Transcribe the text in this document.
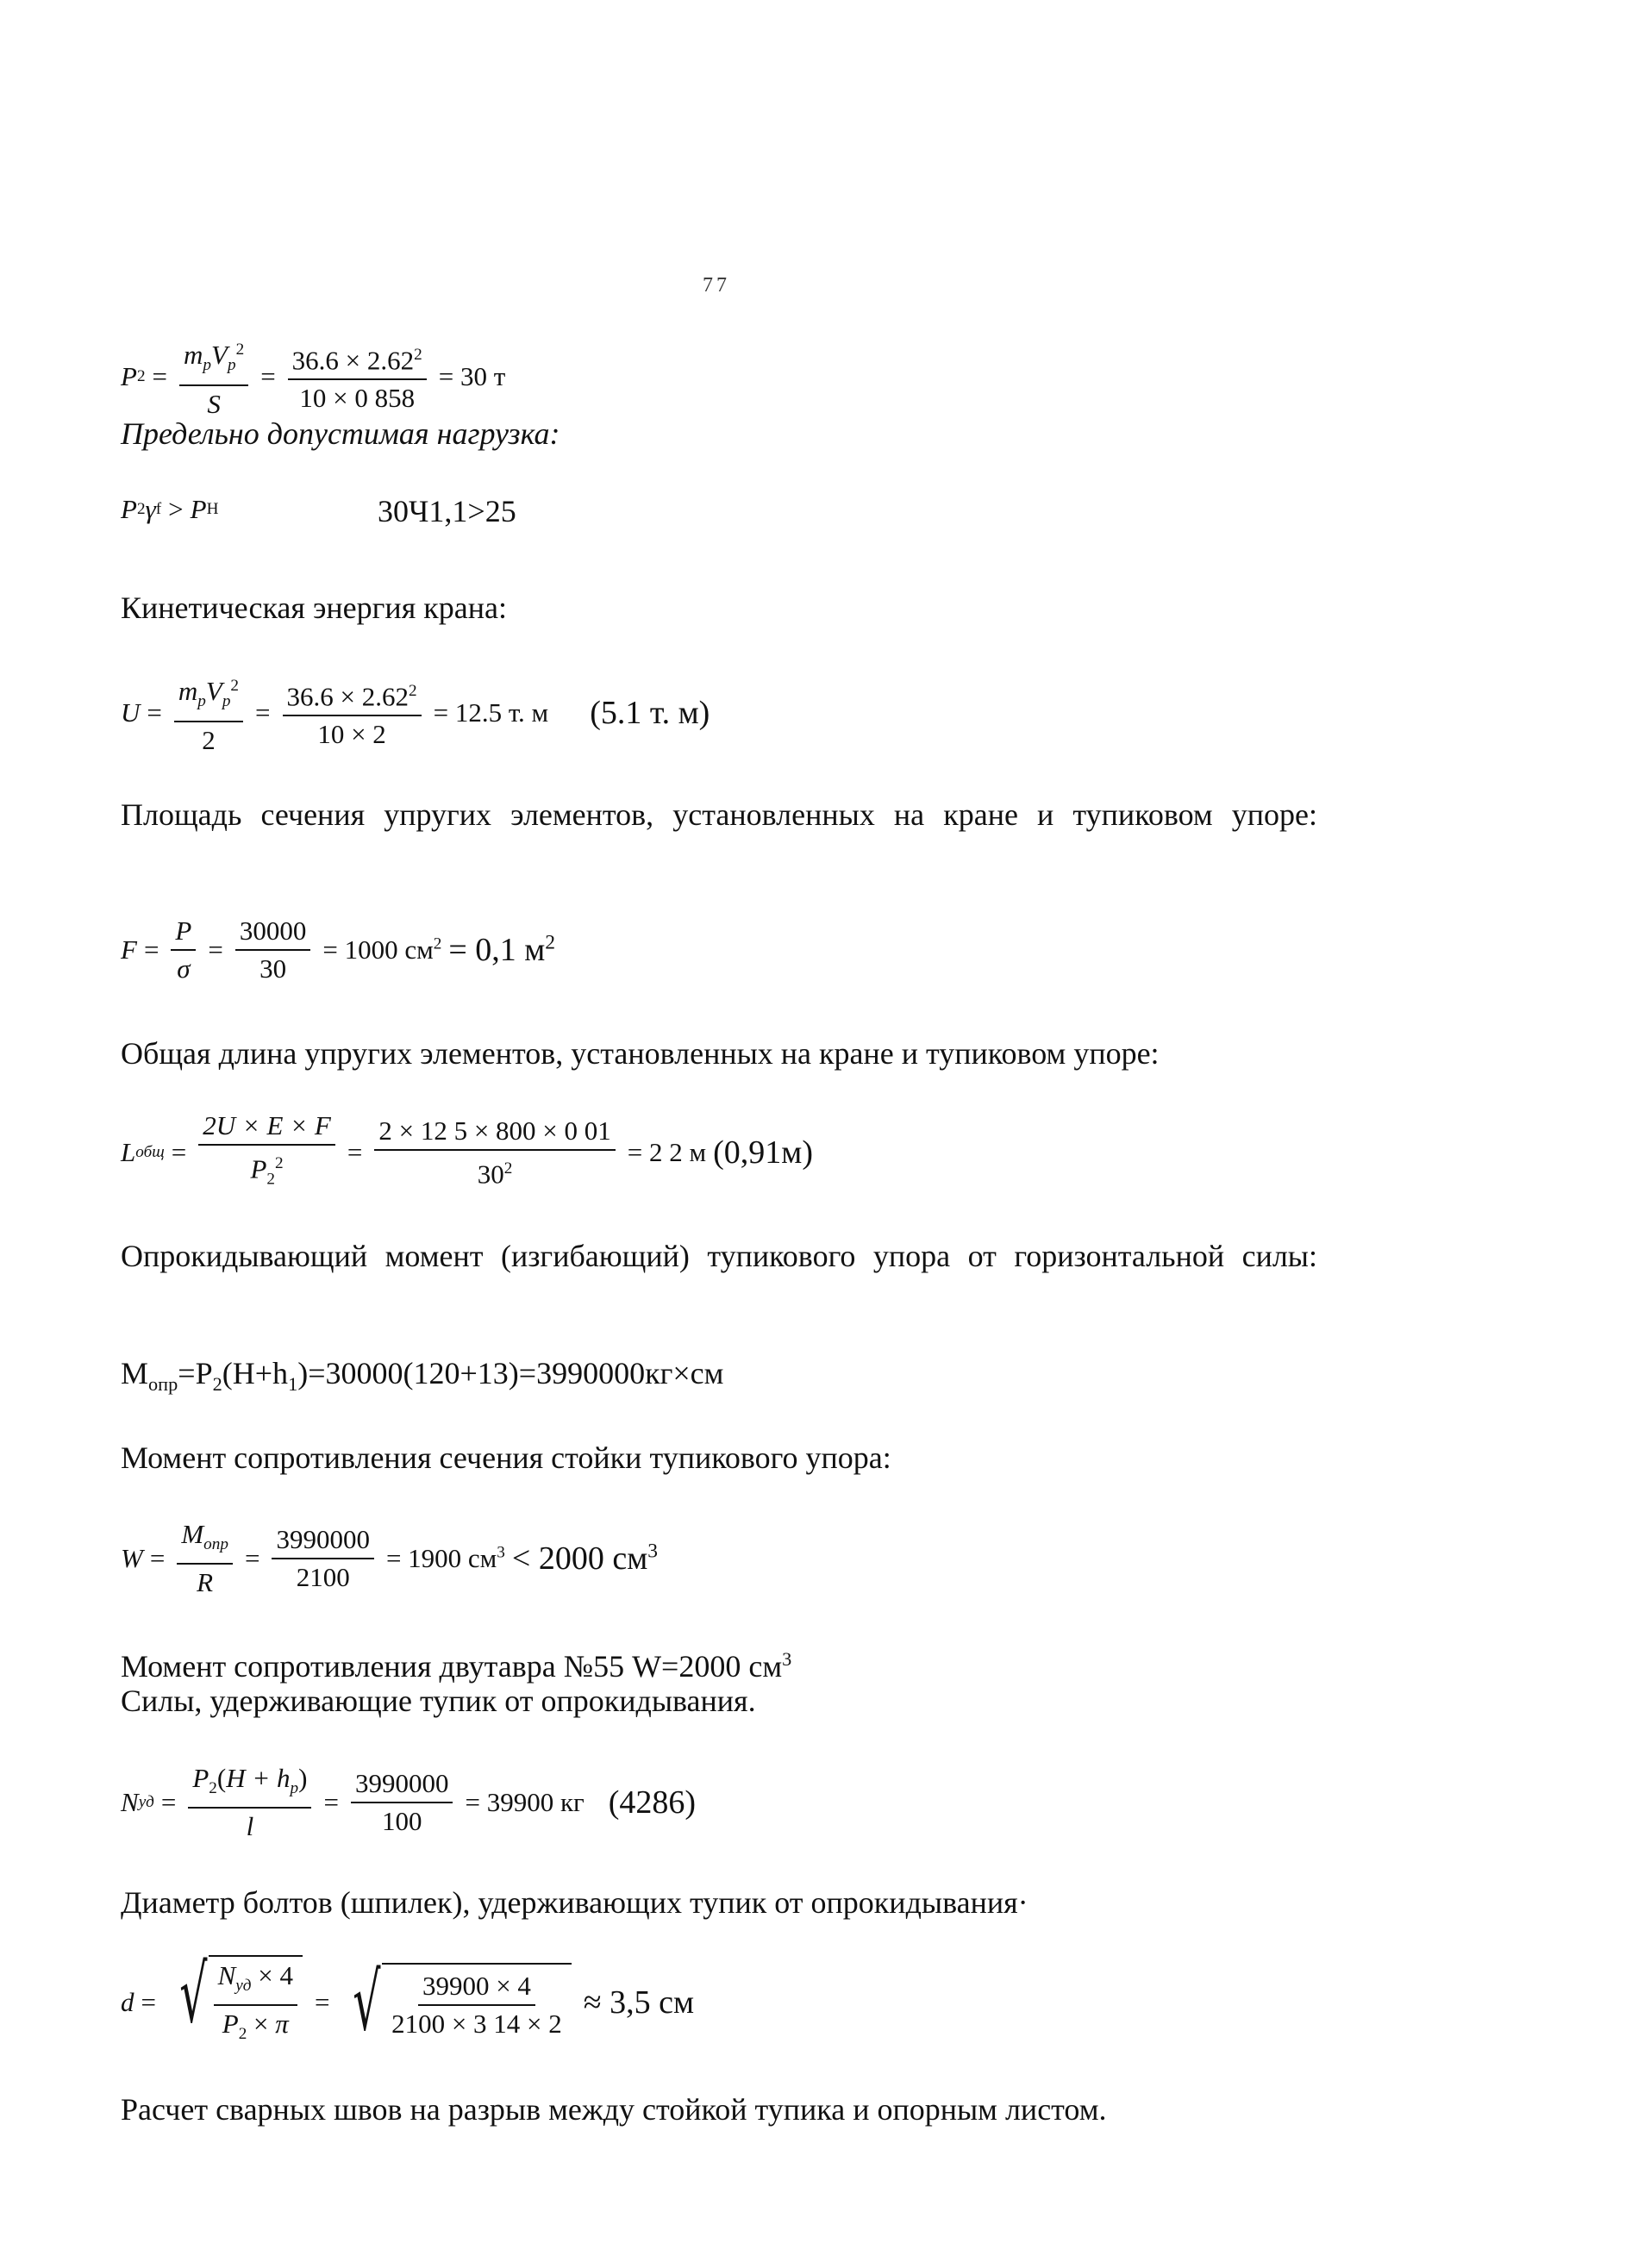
77
P $2 = \frac{m_pV_p^2}{S} = \frac{36.6 \times 2.62^2}{10 \times 0 858} = 30$ т
Предельно допустимая нагрузка:
P 2 γ f > P H	30Ч1,1>25
Кинетическая энергия крана:
$U = \frac{m_pV_p^2}{2} = \frac{36.6 \times 2.62^2}{10 \times 2} = 12.5$ т. м (5.1 т. м)
Площадь сечения упругих элементов, установленных на кране и тупиковом упоре:
$F = \frac{P}{\sigma} = \frac{30000}{30} = 1000$ $см^2 = 0,1$ $м^2$
Общая длина упругих элементов, установленных на кране и тупиковом упоре:
L общ = $\frac{2U \times E \times F}{P_2^2} = \frac{2 \times 12 5 \times 800 \times 0 01}{30^2} = 2$ 2 м (0,91м)
Опрокидывающий момент (изгибающий) тупикового упора от горизонтальной силы:
$M_{опр}=P_2(H+h_1)=30000(120+13)=3990000кг\times см$
Момент сопротивления сечения стойки тупикового упора:
$W = \frac{M_{опр}}{R} = \frac{3990000}{2100} = 1900$ $см^3 < 2000$ $см^3$
Момент сопротивления двутавра №55 W=2000 $см^3$
Силы, удерживающие тупик от опрокидывания.
N уд = $\frac{P_2(H + h_p)}{l} = \frac{3990000}{100} = 39900$ кг (4286)
Диаметр болтов (шпилек), удерживающих тупик от опрокидывания·
d = √ $\frac{N_{уд} \times 4}{P_2 \times \pi}$ = √ $\frac{39900 \times 4}{2100 \times 3 14 \times 2} \approx 3,5$ см
Расчет сварных швов на разрыв между стойкой тупика и опорным листом.
